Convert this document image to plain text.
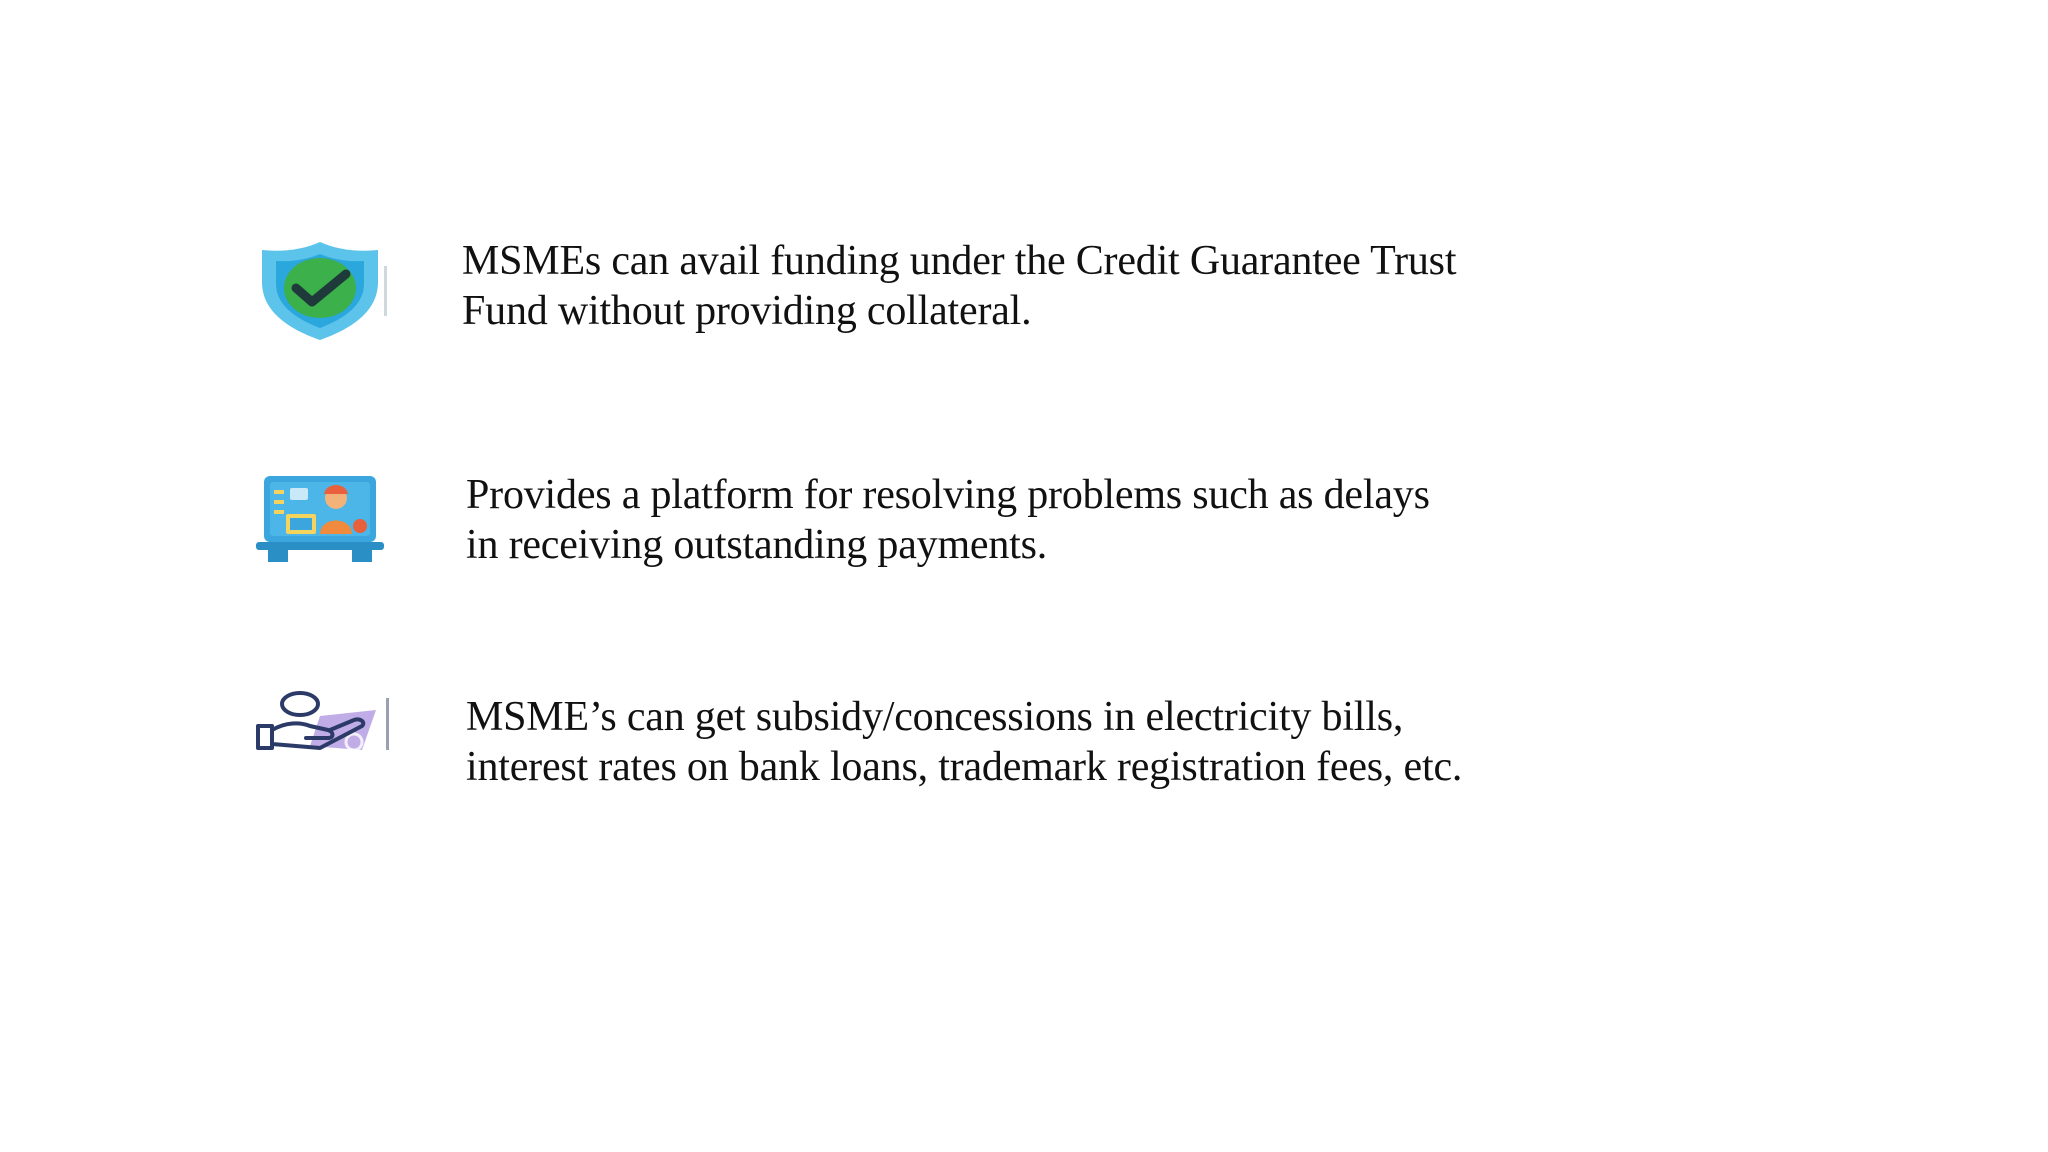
MSMEs can avail funding under the Credit Guarantee Trust
Fund without providing collateral.
Provides a platform for resolving problems such as delays
in receiving outstanding payments.
MSME’s can get subsidy/concessions in electricity bills,
interest rates on bank loans, trademark registration fees, etc.
